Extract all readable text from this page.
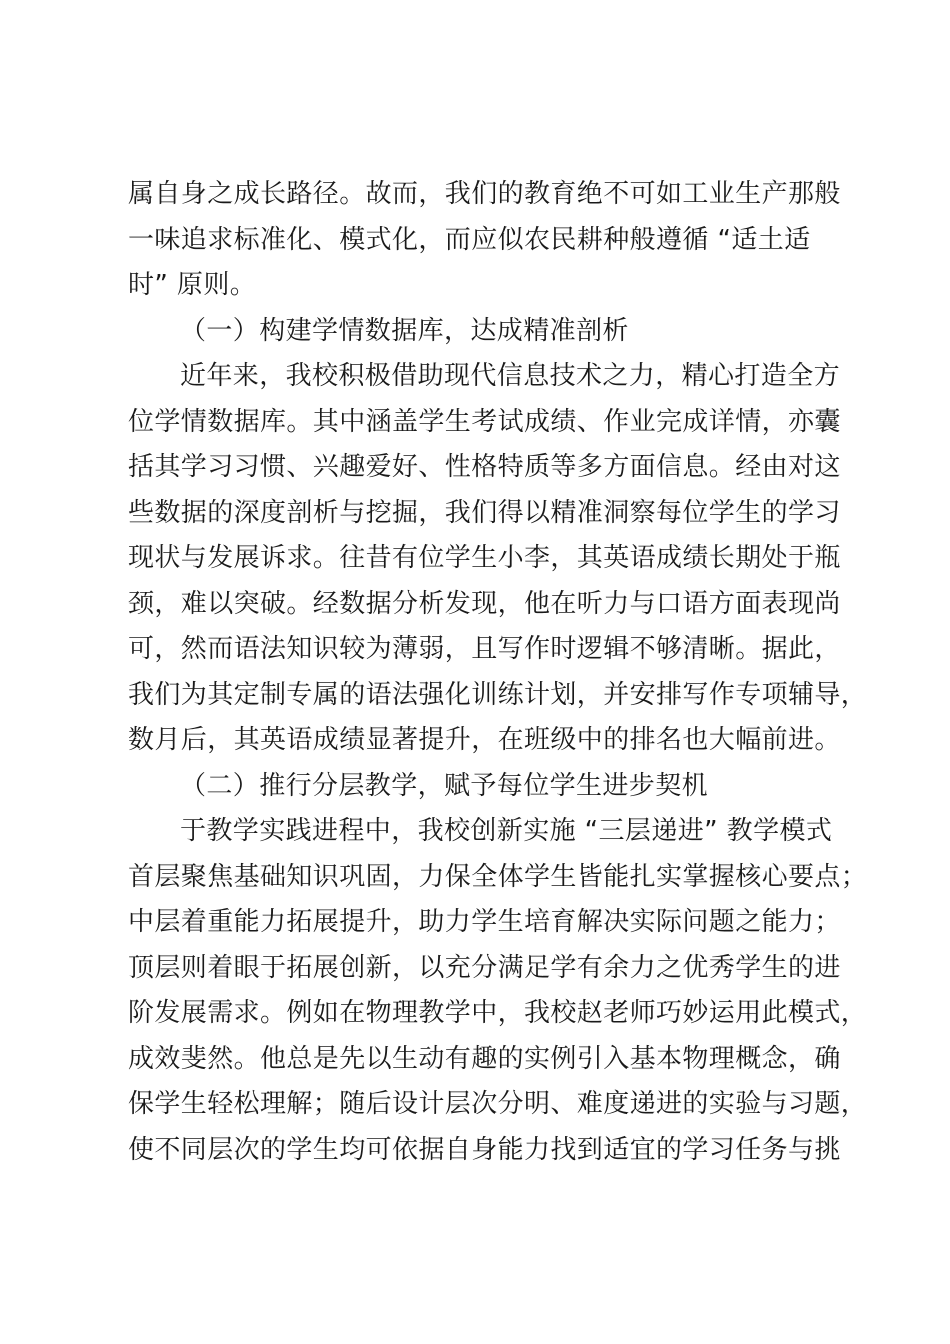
属自身之成长路径。故而，我们的教育绝不可如工业生产那般
一味追求标准化、模式化，而应似农民耕种般遵循 “适土适
时” 原则。
（一）构建学情数据库，达成精准剖析
近年来，我校积极借助现代信息技术之力，精心打造全方
位学情数据库。其中涵盖学生考试成绩、作业完成详情，亦囊
括其学习习惯、兴趣爱好、性格特质等多方面信息。经由对这
些数据的深度剖析与挖掘，我们得以精准洞察每位学生的学习
现状与发展诉求。往昔有位学生小李，其英语成绩长期处于瓶
颈，难以突破。经数据分析发现，他在听力与口语方面表现尚
可，然而语法知识较为薄弱，且写作时逻辑不够清晰。据此，
我们为其定制专属的语法强化训练计划，并安排写作专项辅导，
数月后，其英语成绩显著提升，在班级中的排名也大幅前进。
（二）推行分层教学，赋予每位学生进步契机
于教学实践进程中，我校创新实施 “三层递进” 教学模式
首层聚焦基础知识巩固，力保全体学生皆能扎实掌握核心要点；
中层着重能力拓展提升，助力学生培育解决实际问题之能力；
顶层则着眼于拓展创新，以充分满足学有余力之优秀学生的进
阶发展需求。例如在物理教学中，我校赵老师巧妙运用此模式，
成效斐然。他总是先以生动有趣的实例引入基本物理概念，确
保学生轻松理解；随后设计层次分明、难度递进的实验与习题，
使不同层次的学生均可依据自身能力找到适宜的学习任务与挑
